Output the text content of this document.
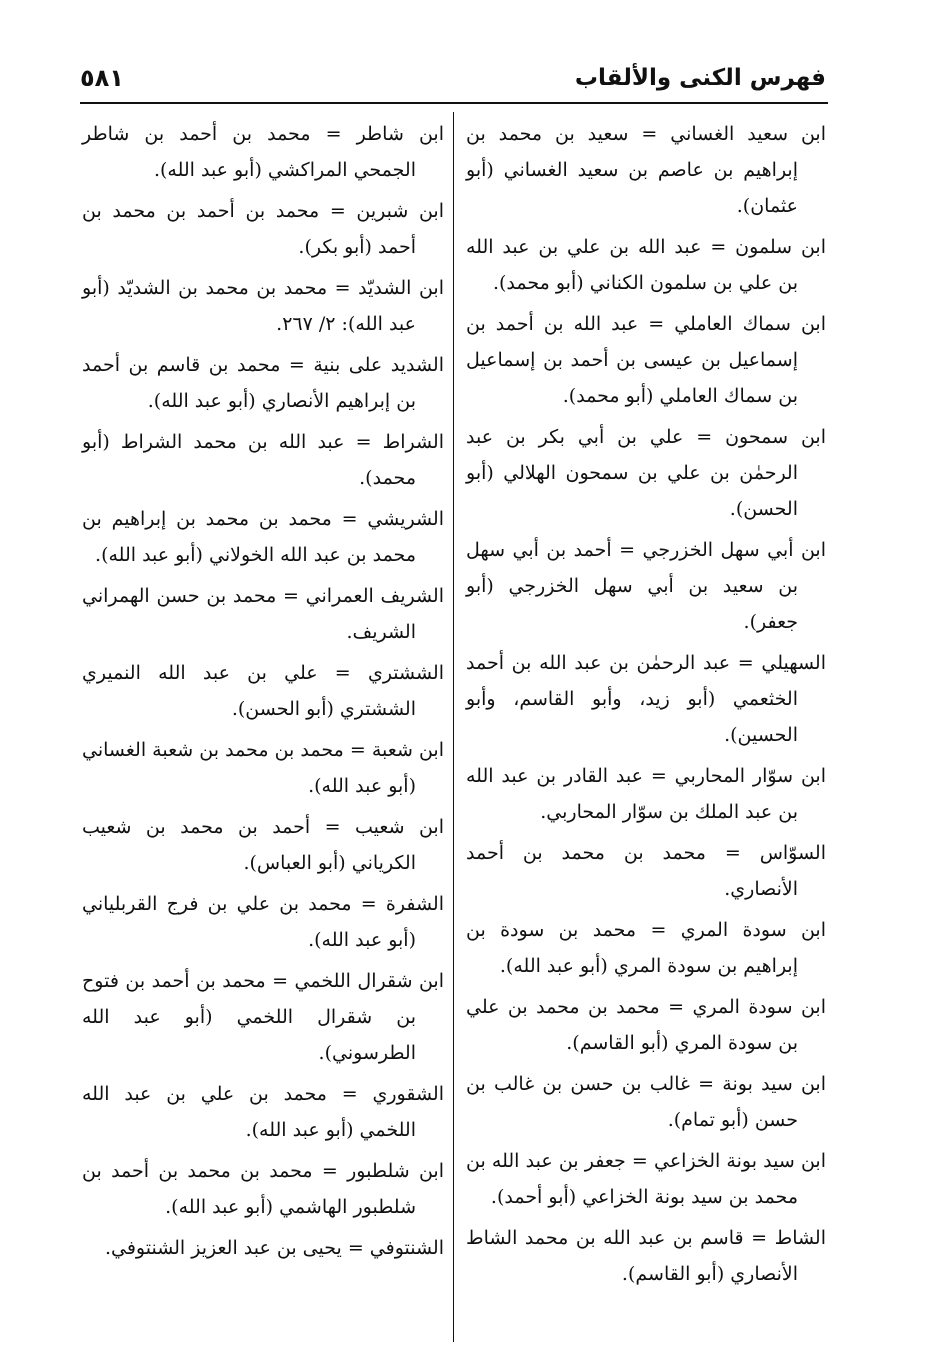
٥٨١	فهرس الكنى والألقاب

ابن سعيد الغساني = سعيد بن محمد بن إبراهيم بن عاصم بن سعيد الغساني (أبو عثمان).

ابن سلمون = عبد الله بن علي بن عبد الله بن علي بن سلمون الكناني (أبو محمد).

ابن سماك العاملي = عبد الله بن أحمد بن إسماعيل بن عيسى بن أحمد بن إسماعيل بن سماك العاملي (أبو محمد).

ابن سمحون = علي بن أبي بكر بن عبد الرحمٰن بن علي بن سمحون الهلالي (أبو الحسن).

ابن أبي سهل الخزرجي = أحمد بن أبي سهل بن سعيد بن أبي سهل الخزرجي (أبو جعفر).

السهيلي = عبد الرحمٰن بن عبد الله بن أحمد الخثعمي (أبو زيد، وأبو القاسم، وأبو الحسين).

ابن سوّار المحاربي = عبد القادر بن عبد الله بن عبد الملك بن سوّار المحاربي.

السوّاس = محمد بن محمد بن أحمد الأنصاري.

ابن سودة المري = محمد بن سودة بن إبراهيم بن سودة المري (أبو عبد الله).

ابن سودة المري = محمد بن محمد بن علي بن سودة المري (أبو القاسم).

ابن سيد بونة = غالب بن حسن بن غالب بن حسن (أبو تمام).

ابن سيد بونة الخزاعي = جعفر بن عبد الله بن محمد بن سيد بونة الخزاعي (أبو أحمد).

الشاط = قاسم بن عبد الله بن محمد الشاط الأنصاري (أبو القاسم).

ابن شاطر = محمد بن أحمد بن شاطر الجمحي المراكشي (أبو عبد الله).

ابن شبرين = محمد بن أحمد بن محمد بن أحمد (أبو بكر).

ابن الشديّد = محمد بن محمد بن الشديّد (أبو عبد الله): ٢/ ٢٦٧.

الشديد على بنية = محمد بن قاسم بن أحمد بن إبراهيم الأنصاري (أبو عبد الله).

الشراط = عبد الله بن محمد الشراط (أبو محمد).

الشريشي = محمد بن محمد بن إبراهيم بن محمد بن عبد الله الخولاني (أبو عبد الله).

الشريف العمراني = محمد بن حسن الهمراني الشريف.

الششتري = علي بن عبد الله النميري الششتري (أبو الحسن).

ابن شعبة = محمد بن محمد بن شعبة الغساني (أبو عبد الله).

ابن شعيب = أحمد بن محمد بن شعيب الكرياني (أبو العباس).

الشفرة = محمد بن علي بن فرج القربلياني (أبو عبد الله).

ابن شقرال اللخمي = محمد بن أحمد بن فتوح بن شقرال اللخمي (أبو عبد الله الطرسوني).

الشقوري = محمد بن علي بن عبد الله اللخمي (أبو عبد الله).

ابن شلطبور = محمد بن محمد بن أحمد بن شلطبور الهاشمي (أبو عبد الله).

الشنتوفي = يحيى بن عبد العزيز الشنتوفي.
